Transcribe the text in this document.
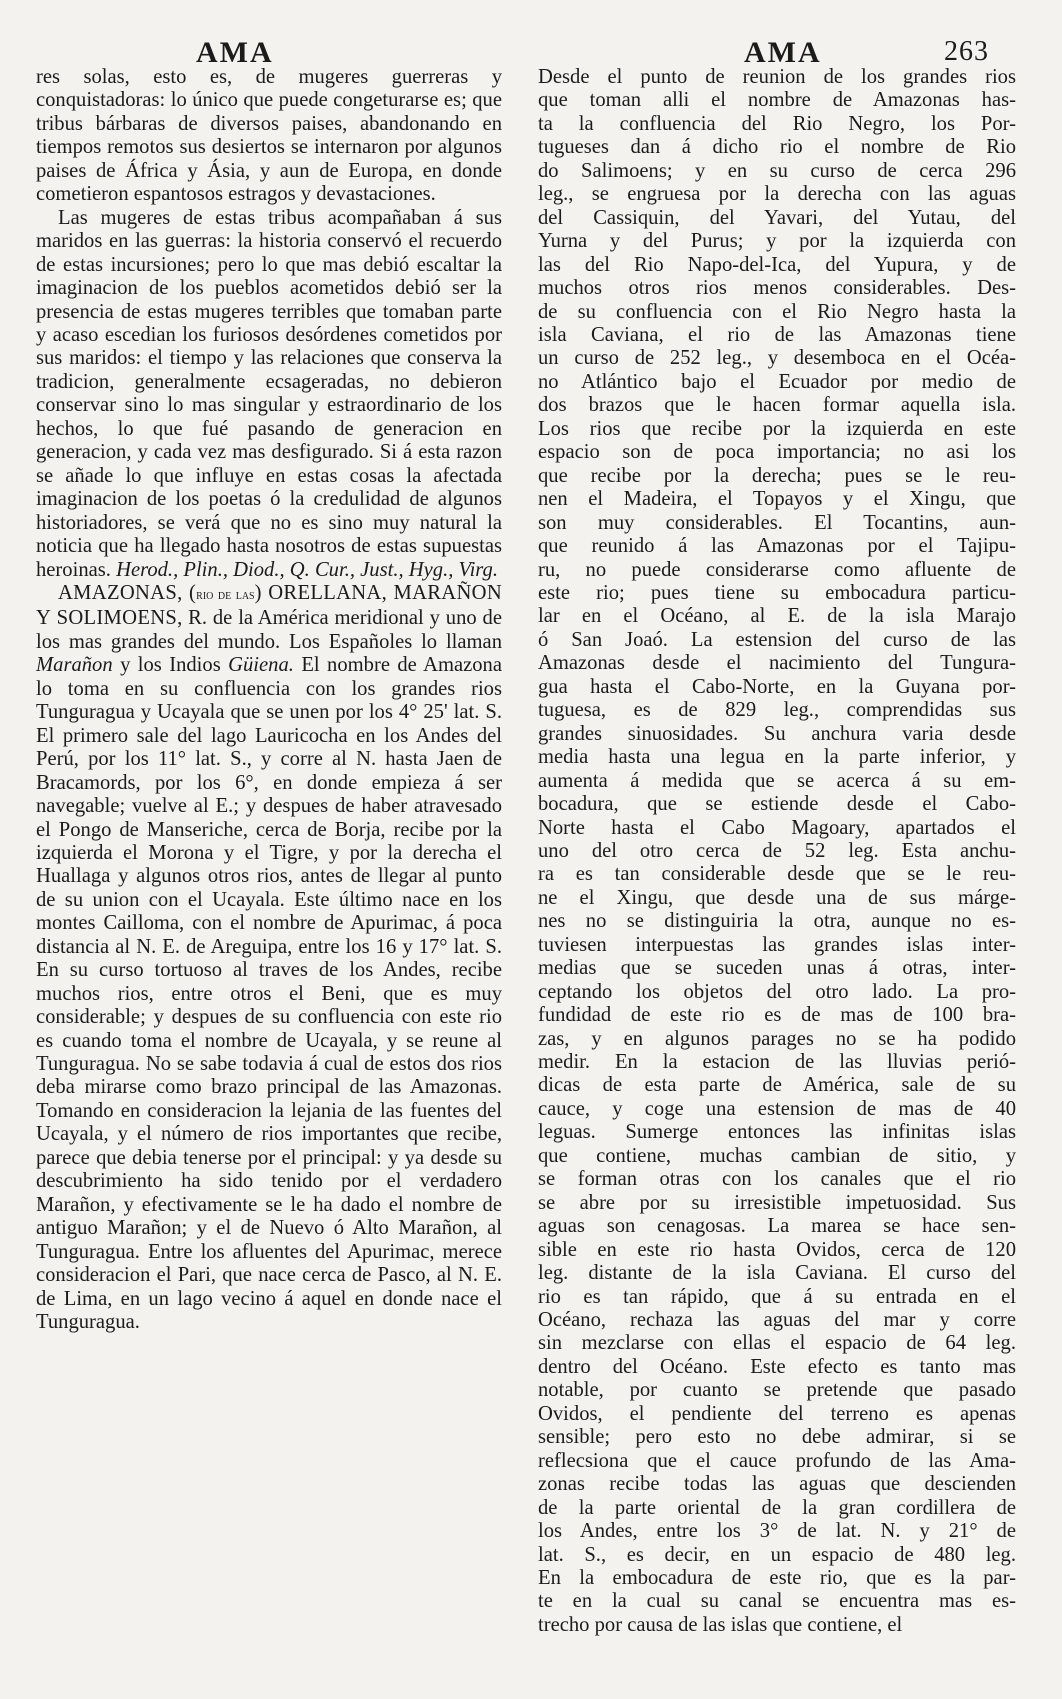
AMA	AMA	263

res solas, esto es, de mugeres guerreras y conquistadoras: lo único que puede congeturarse es; que tribus bárbaras de diversos paises, abandonando en tiempos remotos sus desiertos se internaron por algunos paises de África y Ásia, y aun de Europa, en donde cometieron espantosos estragos y devastaciones.

Las mugeres de estas tribus acompañaban á sus maridos en las guerras: la historia conservó el recuerdo de estas incursiones; pero lo que mas debió escaltar la imaginacion de los pueblos acometidos debió ser la presencia de estas mugeres terribles que tomaban parte y acaso escedian los furiosos desórdenes cometidos por sus maridos: el tiempo y las relaciones que conserva la tradicion, generalmente ecsageradas, no debieron conservar sino lo mas singular y estraordinario de los hechos, lo que fué pasando de generacion en generacion, y cada vez mas desfigurado. Si á esta razon se añade lo que influye en estas cosas la afectada imaginacion de los poetas ó la credulidad de algunos historiadores, se verá que no es sino muy natural la noticia que ha llegado hasta nosotros de estas supuestas heroinas. Herod., Plin., Diod., Q. Cur., Just., Hyg., Virg.

AMAZONAS, (rio de las) ORELLANA, MARAÑON Y SOLIMOENS, R. de la América meridional y uno de los mas grandes del mundo. Los Españoles lo llaman Marañon y los Indios Güiena. El nombre de Amazona lo toma en su confluencia con los grandes rios Tunguragua y Ucayala que se unen por los 4° 25' lat. S. El primero sale del lago Lauricocha en los Andes del Perú, por los 11° lat. S., y corre al N. hasta Jaen de Bracamords, por los 6°, en donde empieza á ser navegable; vuelve al E.; y despues de haber atravesado el Pongo de Manseriche, cerca de Borja, recibe por la izquierda el Morona y el Tigre, y por la derecha el Huallaga y algunos otros rios, antes de llegar al punto de su union con el Ucayala. Este último nace en los montes Cailloma, con el nombre de Apurimac, á poca distancia al N. E. de Areguipa, entre los 16 y 17° lat. S. En su curso tortuoso al traves de los Andes, recibe muchos rios, entre otros el Beni, que es muy considerable; y despues de su confluencia con este rio es cuando toma el nombre de Ucayala, y se reune al Tunguragua. No se sabe todavia á cual de estos dos rios deba mirarse como brazo principal de las Amazonas. Tomando en consideracion la lejania de las fuentes del Ucayala, y el número de rios importantes que recibe, parece que debia tenerse por el principal: y ya desde su descubrimiento ha sido tenido por el verdadero Marañon, y efectivamente se le ha dado el nombre de antiguo Marañon; y el de Nuevo ó Alto Marañon, al Tunguragua. Entre los afluentes del Apurimac, merece consideracion el Pari, que nace cerca de Pasco, al N. E. de Lima, en un lago vecino á aquel en donde nace el Tunguragua.

Desde el punto de reunion de los grandes rios
que toman alli el nombre de Amazonas has-
ta la confluencia del Rio Negro, los Por-
tugueses dan á dicho rio el nombre de Rio
do Salimoens; y en su curso de cerca 296
leg., se engruesa por la derecha con las aguas
del Cassiquin, del Yavari, del Yutau, del
Yurna y del Purus; y por la izquierda con
las del Rio Napo-del-Ica, del Yupura, y de
muchos otros rios menos considerables. Des-
de su confluencia con el Rio Negro hasta la
isla Caviana, el rio de las Amazonas tiene
un curso de 252 leg., y desemboca en el Océa-
no Atlántico bajo el Ecuador por medio de
dos brazos que le hacen formar aquella isla.
Los rios que recibe por la izquierda en este
espacio son de poca importancia; no asi los
que recibe por la derecha; pues se le reu-
nen el Madeira, el Topayos y el Xingu, que
son muy considerables. El Tocantins, aun-
que reunido á las Amazonas por el Tajipu-
ru, no puede considerarse como afluente de
este rio; pues tiene su embocadura particu-
lar en el Océano, al E. de la isla Marajo
ó San Joaó. La estension del curso de las
Amazonas desde el nacimiento del Tungura-
gua hasta el Cabo-Norte, en la Guyana por-
tuguesa, es de 829 leg., comprendidas sus
grandes sinuosidades. Su anchura varia desde
media hasta una legua en la parte inferior, y
aumenta á medida que se acerca á su em-
bocadura, que se estiende desde el Cabo-
Norte hasta el Cabo Magoary, apartados el
uno del otro cerca de 52 leg. Esta anchu-
ra es tan considerable desde que se le reu-
ne el Xingu, que desde una de sus márge-
nes no se distinguiria la otra, aunque no es-
tuviesen interpuestas las grandes islas inter-
medias que se suceden unas á otras, inter-
ceptando los objetos del otro lado. La pro-
fundidad de este rio es de mas de 100 bra-
zas, y en algunos parages no se ha podido
medir. En la estacion de las lluvias perió-
dicas de esta parte de América, sale de su
cauce, y coge una estension de mas de 40
leguas. Sumerge entonces las infinitas islas
que contiene, muchas cambian de sitio, y
se forman otras con los canales que el rio
se abre por su irresistible impetuosidad. Sus
aguas son cenagosas. La marea se hace sen-
sible en este rio hasta Ovidos, cerca de 120
leg. distante de la isla Caviana. El curso del
rio es tan rápido, que á su entrada en el
Océano, rechaza las aguas del mar y corre
sin mezclarse con ellas el espacio de 64 leg.
dentro del Océano. Este efecto es tanto mas
notable, por cuanto se pretende que pasado
Ovidos, el pendiente del terreno es apenas
sensible; pero esto no debe admirar, si se
reflecsiona que el cauce profundo de las Ama-
zonas recibe todas las aguas que descienden
de la parte oriental de la gran cordillera de
los Andes, entre los 3° de lat. N. y 21° de
lat. S., es decir, en un espacio de 480 leg.
En la embocadura de este rio, que es la par-
te en la cual su canal se encuentra mas es-
trecho por causa de las islas que contiene, el
